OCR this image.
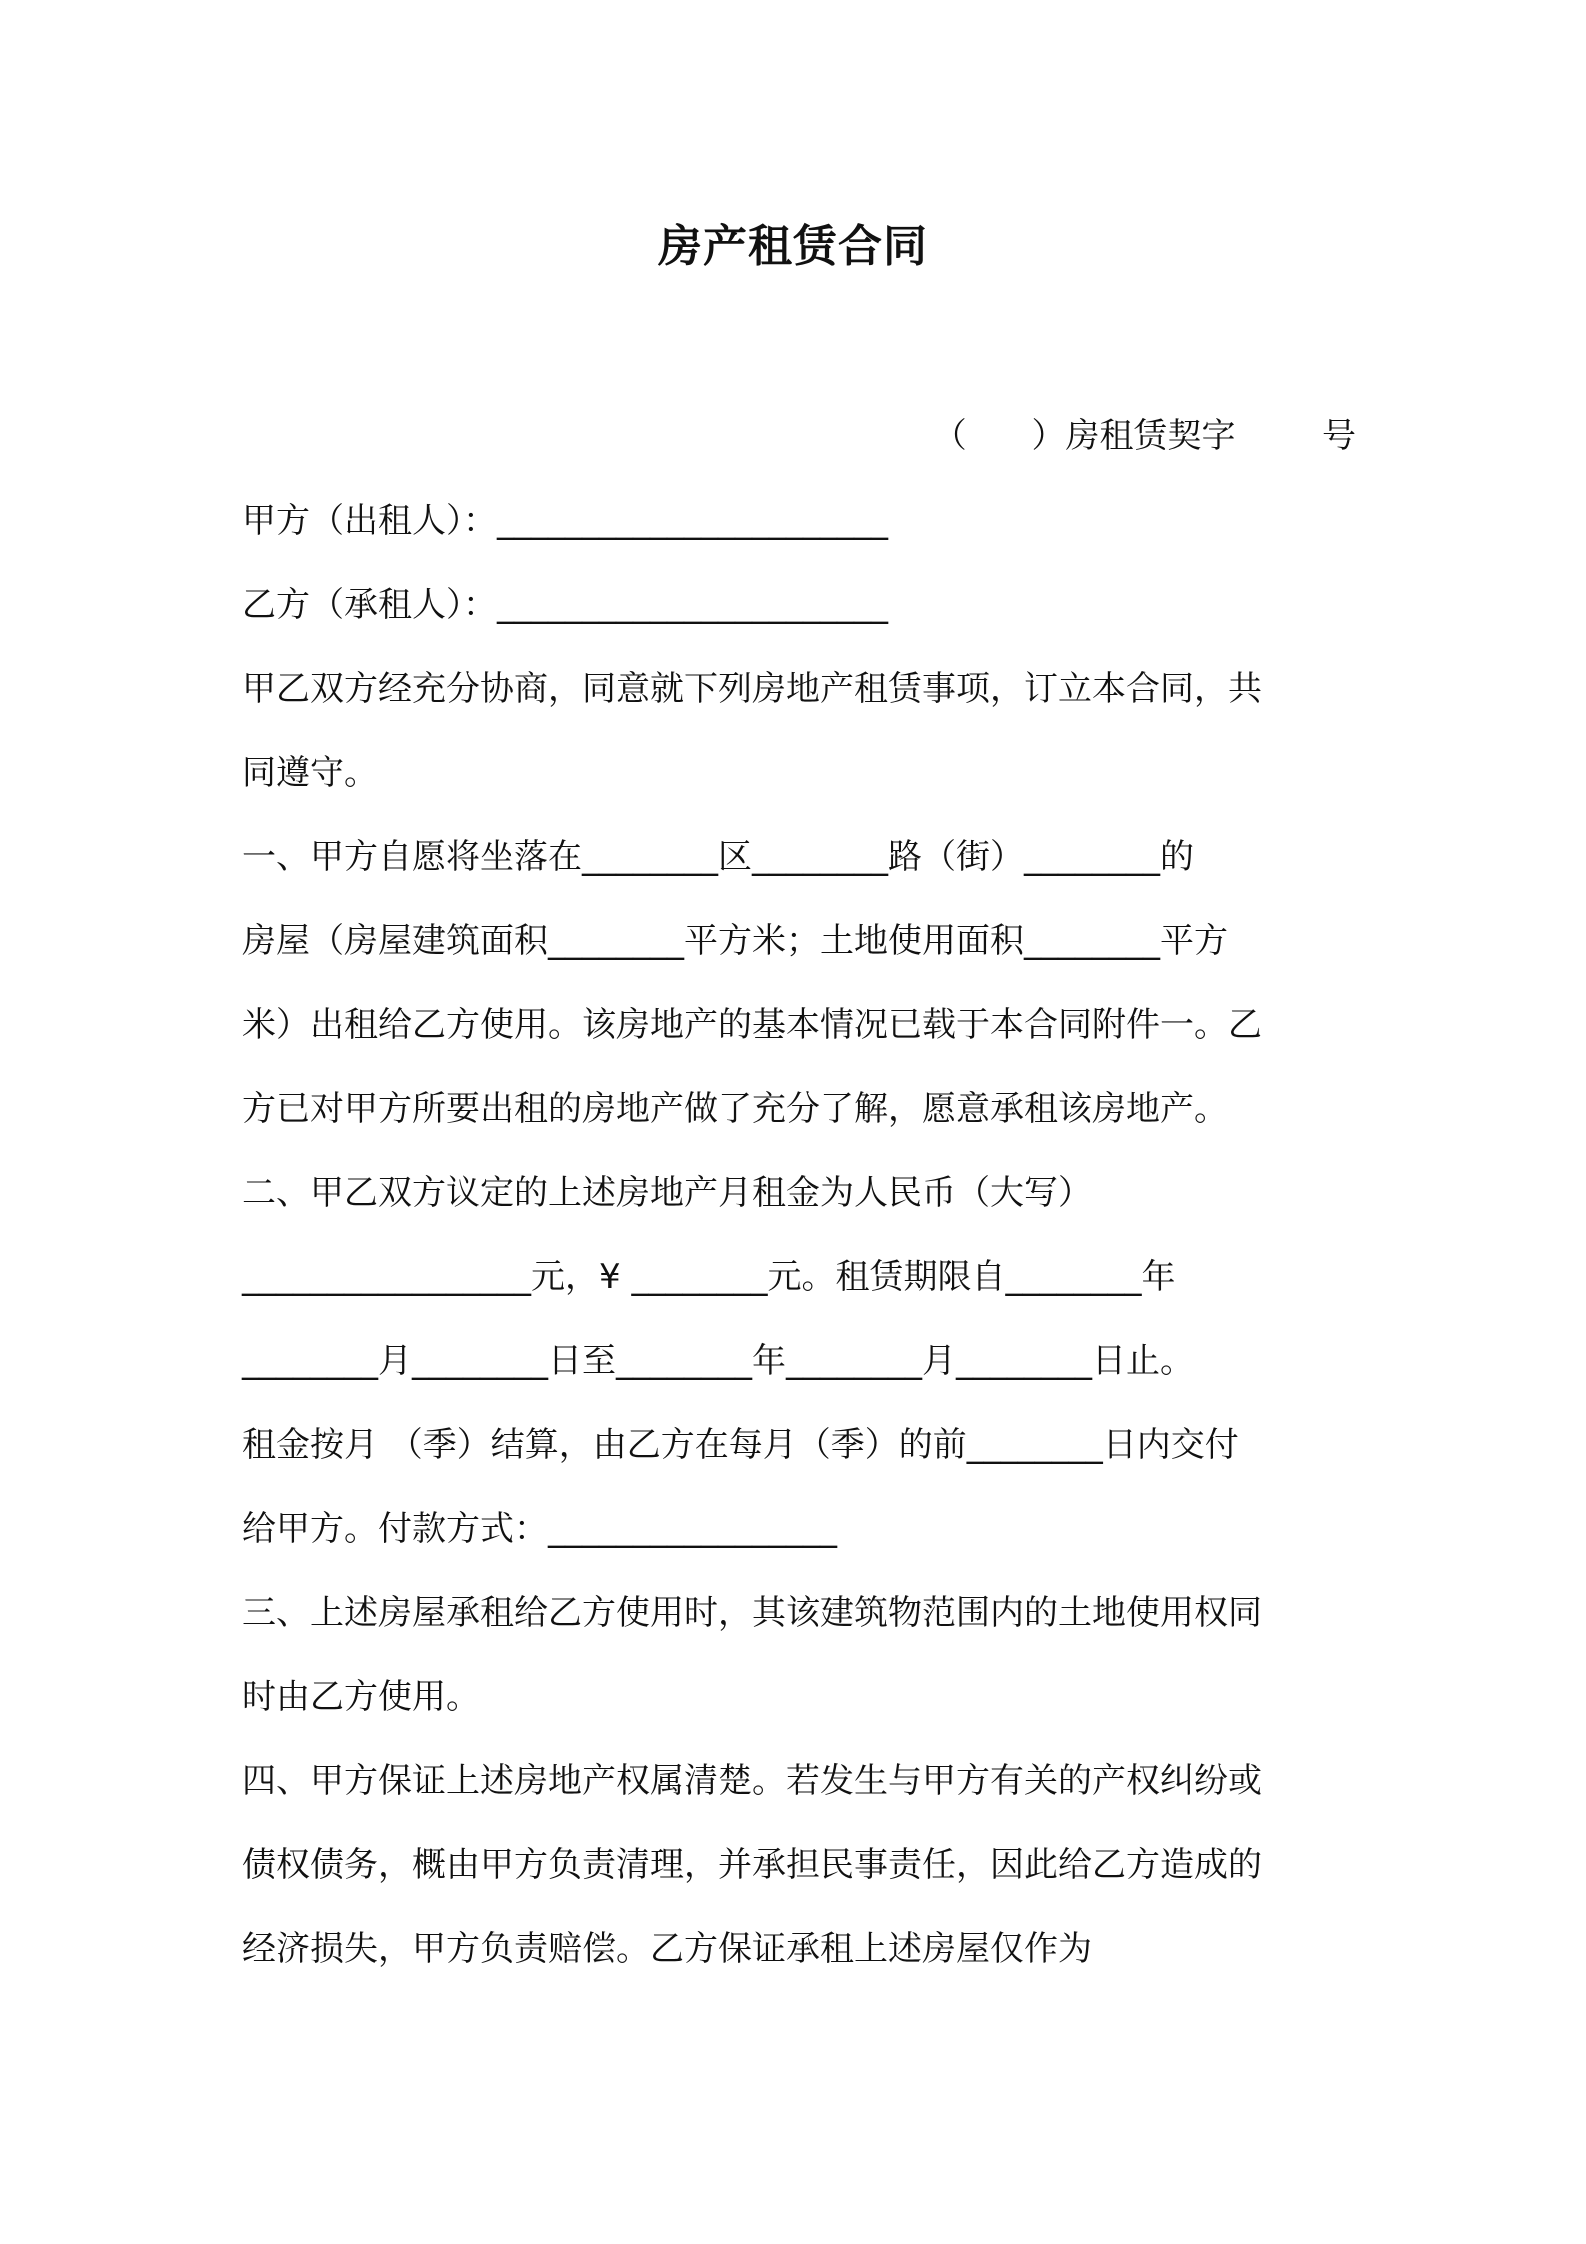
房产租赁合同
（      ）房租赁契字        号
甲方（出租人）：_______________________
乙方（承租人）：_______________________
甲乙双方经充分协商，同意就下列房地产租赁事项，订立本合同，共
同遵守。
一、甲方自愿将坐落在________区________路（街）________的
房屋（房屋建筑面积________平方米；土地使用面积________平方
米）出租给乙方使用。该房地产的基本情况已载于本合同附件一。乙
方已对甲方所要出租的房地产做了充分了解，愿意承租该房地产。
二、甲乙双方议定的上述房地产月租金为人民币（大写）
_________________元，¥ ________元。租赁期限自________年
________月________日至________年________月________日止。
租金按月 （季）结算，由乙方在每月（季）的前________日内交付
给甲方。付款方式：_________________
三、上述房屋承租给乙方使用时，其该建筑物范围内的土地使用权同
时由乙方使用。
四、甲方保证上述房地产权属清楚。若发生与甲方有关的产权纠纷或
债权债务，概由甲方负责清理，并承担民事责任，因此给乙方造成的
经济损失，甲方负责赔偿。乙方保证承租上述房屋仅作为
